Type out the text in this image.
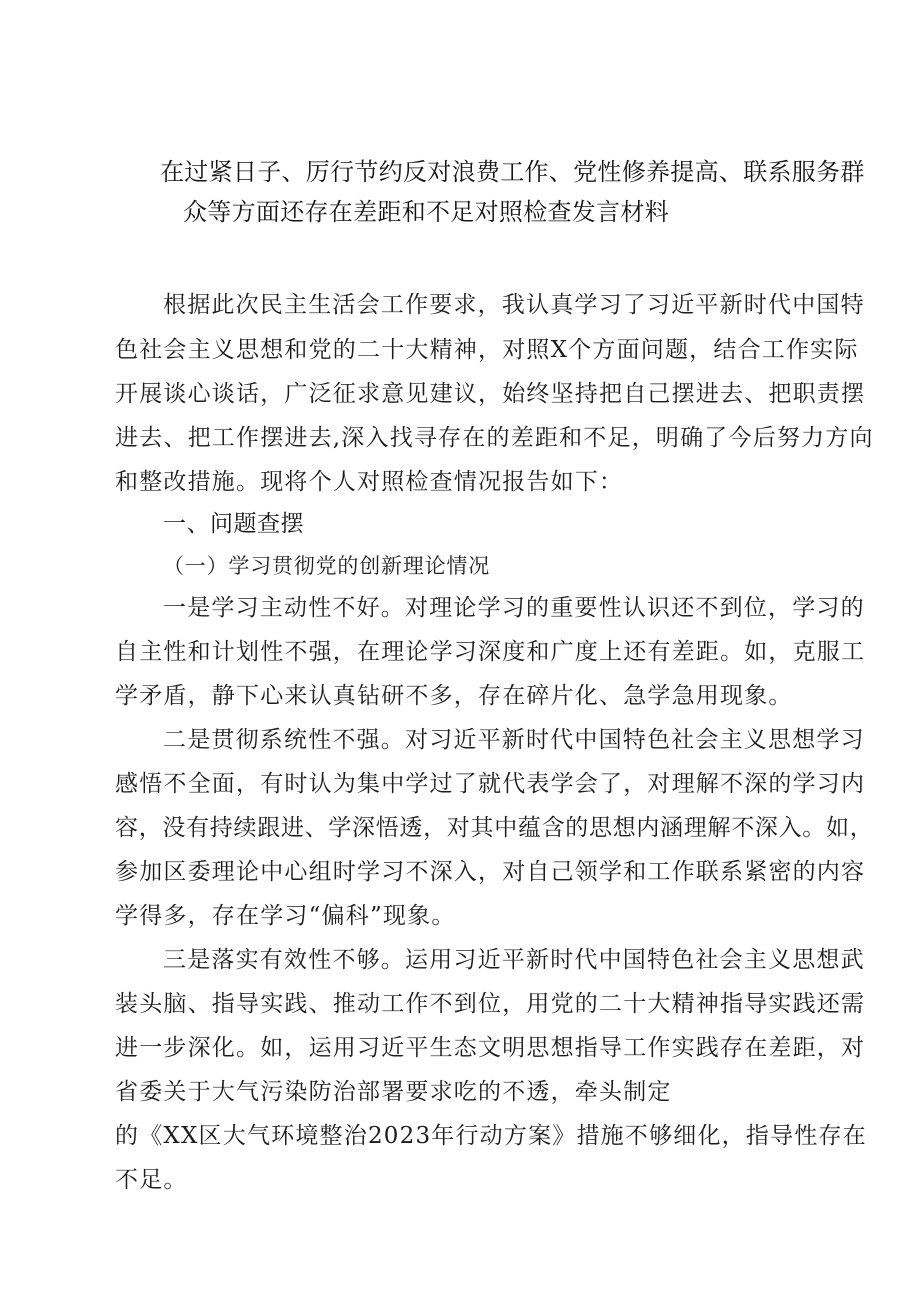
在过紧日子、厉行节约反对浪费工作、党性修养提高、联系服务群
众等方面还存在差距和不足对照检查发言材料
根据此次民主生活会工作要求，我认真学习了习近平新时代中国特
色社会主义思想和党的二十大精神，对照X个方面问题，结合工作实际
开展谈心谈话，广泛征求意见建议，始终坚持把自己摆进去、把职责摆
进去、把工作摆进去,深入找寻存在的差距和不足，明确了今后努力方向
和整改措施。现将个人对照检查情况报告如下：
一、问题查摆
（一）学习贯彻党的创新理论情况
一是学习主动性不好。对理论学习的重要性认识还不到位，学习的
自主性和计划性不强，在理论学习深度和广度上还有差距。如，克服工
学矛盾，静下心来认真钻研不多，存在碎片化、急学急用现象。
二是贯彻系统性不强。对习近平新时代中国特色社会主义思想学习
感悟不全面，有时认为集中学过了就代表学会了，对理解不深的学习内
容，没有持续跟进、学深悟透，对其中蕴含的思想内涵理解不深入。如，
参加区委理论中心组时学习不深入，对自己领学和工作联系紧密的内容
学得多，存在学习“偏科”现象。
三是落实有效性不够。运用习近平新时代中国特色社会主义思想武
装头脑、指导实践、推动工作不到位，用党的二十大精神指导实践还需
进一步深化。如，运用习近平生态文明思想指导工作实践存在差距，对
省委关于大气污染防治部署要求吃的不透，牵头制定
的《XX区大气环境整治2023年行动方案》措施不够细化，指导性存在
不足。
